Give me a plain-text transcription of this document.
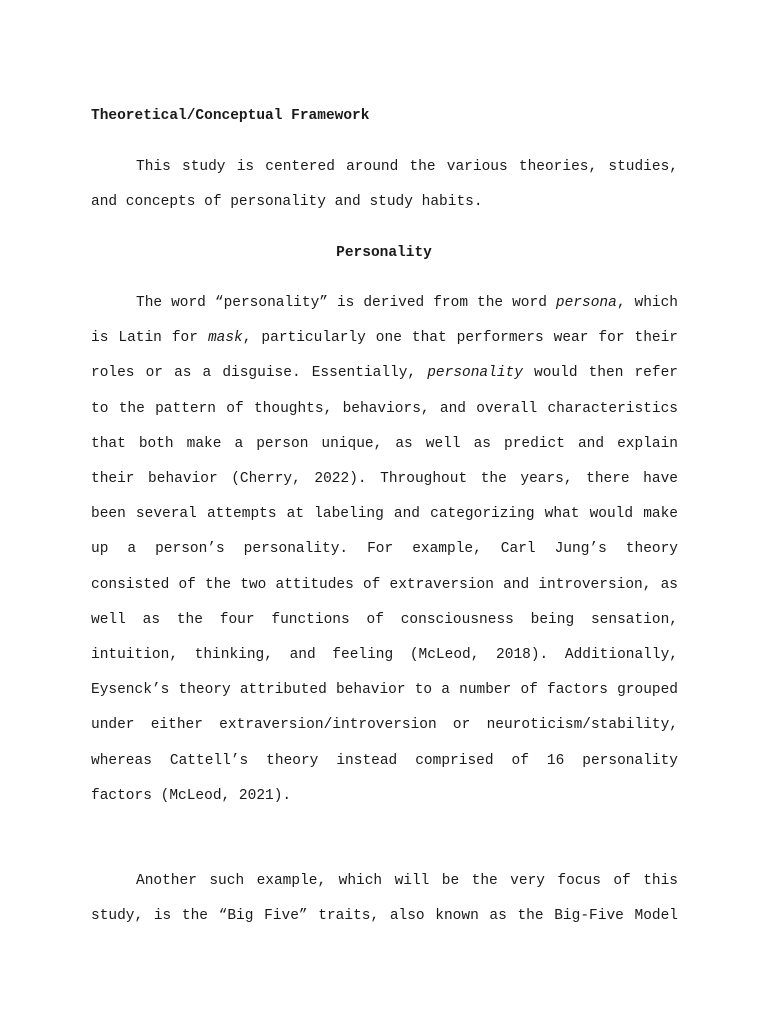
Theoretical/Conceptual Framework

This study is centered around the various theories, studies, and concepts of personality and study habits.

Personality

The word “personality” is derived from the word persona, which is Latin for mask, particularly one that performers wear for their roles or as a disguise. Essentially, personality would then refer to the pattern of thoughts, behaviors, and overall characteristics that both make a person unique, as well as predict and explain their behavior (Cherry, 2022). Throughout the years, there have been several attempts at labeling and categorizing what would make up a person’s personality. For example, Carl Jung’s theory consisted of the two attitudes of extraversion and introversion, as well as the four functions of consciousness being sensation, intuition, thinking, and feeling (McLeod, 2018). Additionally, Eysenck’s theory attributed behavior to a number of factors grouped under either extraversion/introversion or neuroticism/stability, whereas Cattell’s theory instead comprised of 16 personality factors (McLeod, 2021).

Another such example, which will be the very focus of this study, is the “Big Five” traits, also known as the Big-Five Model
